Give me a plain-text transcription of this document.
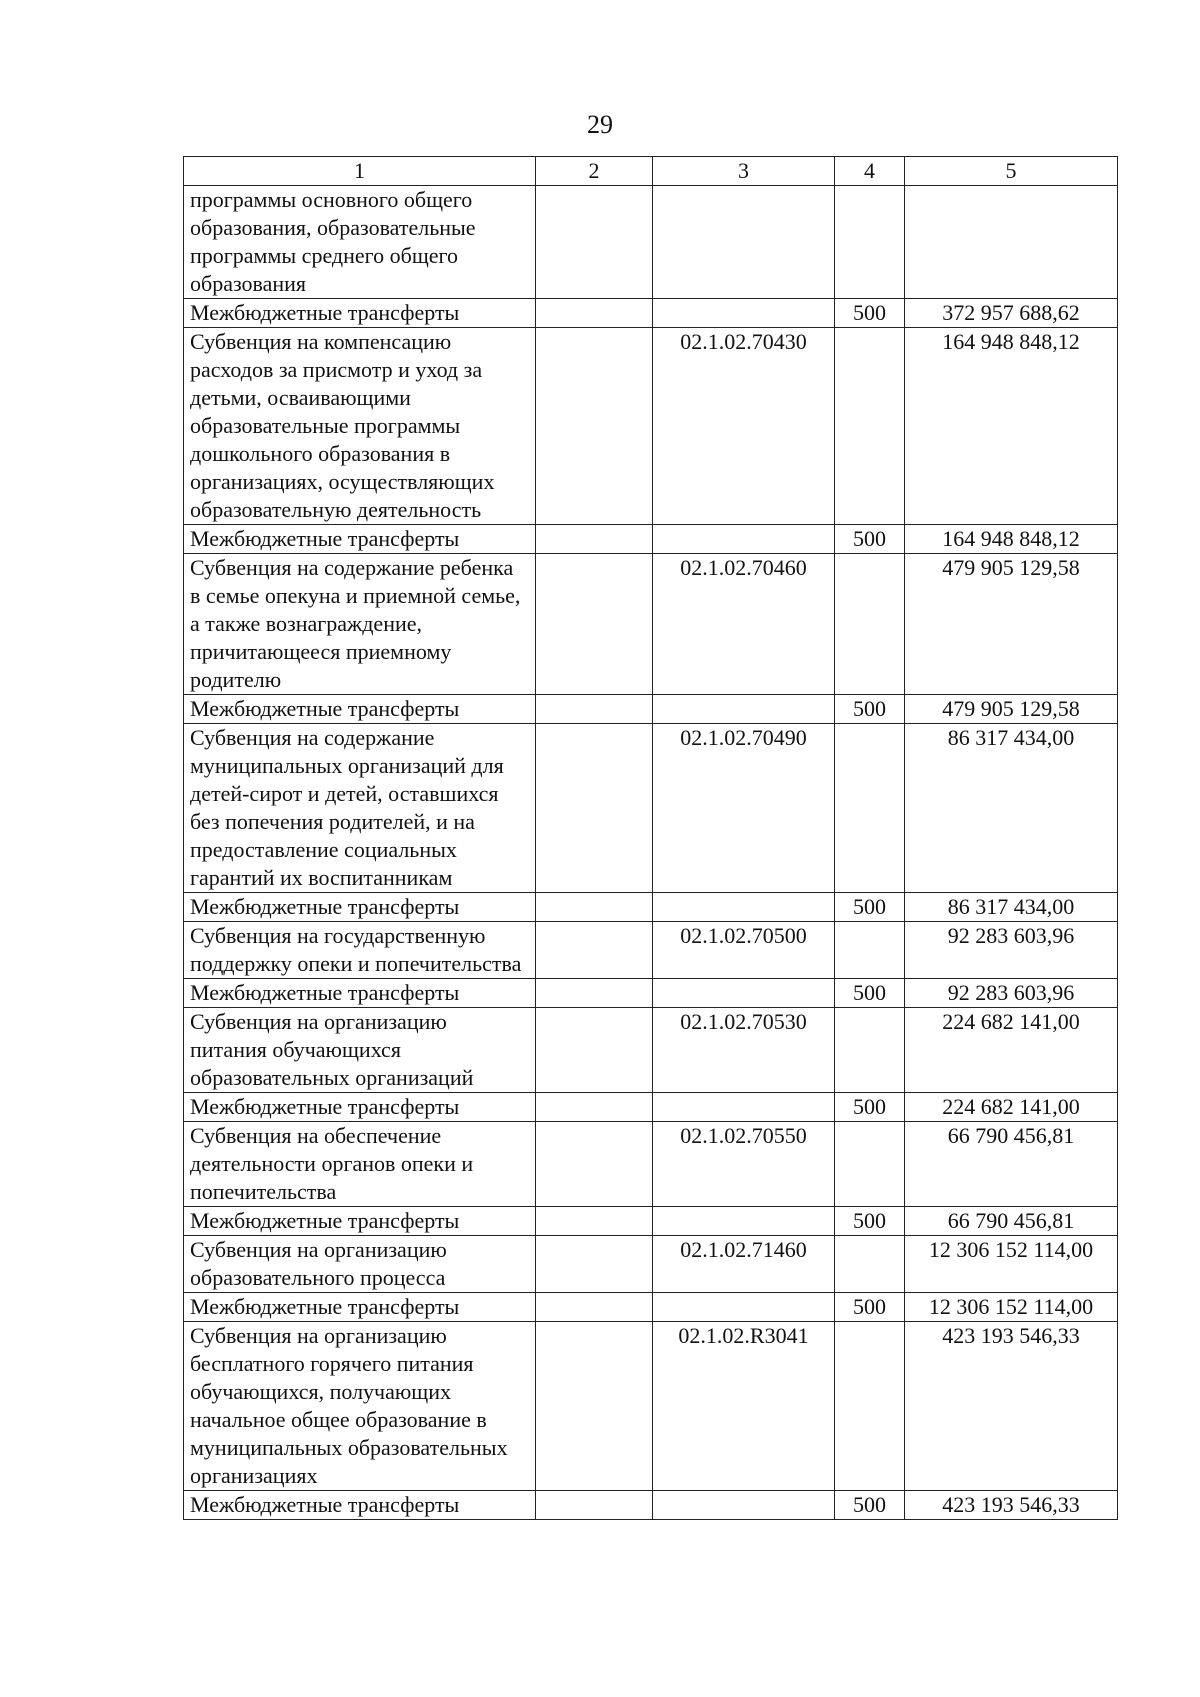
29
1	2	3	4	5
программы основного общего образования, образовательные программы среднего общего образования				
Межбюджетные трансферты			500	372 957 688,62
Субвенция на компенсацию расходов за присмотр и уход за детьми, осваивающими образовательные программы дошкольного образования в организациях, осуществляющих образовательную деятельность		02.1.02.70430		164 948 848,12
Межбюджетные трансферты			500	164 948 848,12
Субвенция на содержание ребенка в семье опекуна и приемной семье, а также вознаграждение, причитающееся приемному родителю		02.1.02.70460		479 905 129,58
Межбюджетные трансферты			500	479 905 129,58
Субвенция на содержание муниципальных организаций для детей-сирот и детей, оставшихся без попечения родителей, и на предоставление социальных гарантий их воспитанникам		02.1.02.70490		86 317 434,00
Межбюджетные трансферты			500	86 317 434,00
Субвенция на государственную поддержку опеки и попечительства		02.1.02.70500		92 283 603,96
Межбюджетные трансферты			500	92 283 603,96
Субвенция на организацию питания обучающихся образовательных организаций		02.1.02.70530		224 682 141,00
Межбюджетные трансферты			500	224 682 141,00
Субвенция на обеспечение деятельности органов опеки и попечительства		02.1.02.70550		66 790 456,81
Межбюджетные трансферты			500	66 790 456,81
Субвенция на организацию образовательного процесса		02.1.02.71460		12 306 152 114,00
Межбюджетные трансферты			500	12 306 152 114,00
Субвенция на организацию бесплатного горячего питания обучающихся, получающих начальное общее образование в муниципальных образовательных организациях		02.1.02.R3041		423 193 546,33
Межбюджетные трансферты			500	423 193 546,33
